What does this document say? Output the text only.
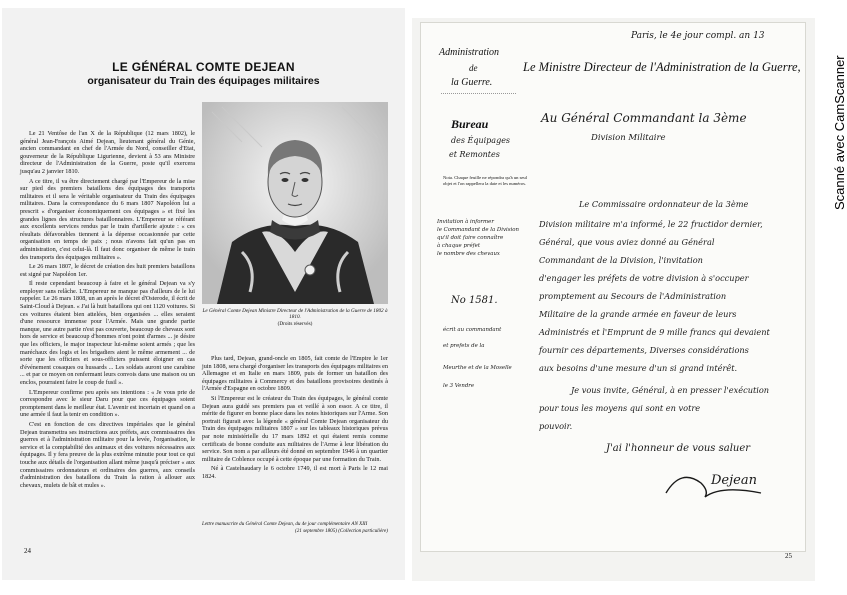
LE GÉNÉRAL COMTE DEJEAN
organisateur du Train des équipages militaires

Le 21 Ventôse de l'an X de la République (12 mars 1802), le général Jean-François Aimé Dejean, lieutenant général du Génie, ancien commandant en chef de l'Armée du Nord, conseiller d'Etat, gouverneur de la République Ligurienne, devient à 53 ans Ministre directeur de l'Administration de la Guerre, poste qu'il exercera jusqu'au 2 janvier 1810.

A ce titre, il va être directement chargé par l'Empereur de la mise sur pied des premiers bataillons des équipages des transports militaires et il sera le véritable organisateur du Train des équipages militaires. Dans la correspondance du 6 mars 1807 Napoléon lui a prescrit « d'organiser économiquement ces équipages » et fixé les grandes lignes des structures bataillonnaires. L'Empereur se référant aux excellents services rendus par le train d'artillerie ajoute : « ces résultats défavorables tiennent à la dépense occasionnée par cette organisation en temps de paix ; nous n'avons fait qu'un pas en administration, c'est celui-là. Il faut donc organiser de même le train des transports des équipages militaires ».

Le 26 mars 1807, le décret de création des huit premiers bataillons est signé par Napoléon 1er.

Il reste cependant beaucoup à faire et le général Dejean va s'y employer sans relâche. L'Empereur ne manque pas d'ailleurs de le lui rappeler. Le 26 mars 1808, un an après le décret d'Osterode, il écrit de Saint-Cloud à Dejean. « J'ai là huit bataillons qui ont 1120 voitures. Si ces voitures étaient bien attelées, bien organisées ... elles seraient d'une ressource immense pour l'Armée. Mais une grande partie manque, une autre partie n'est pas couverte, beaucoup de chevaux sont hors de service et beaucoup d'hommes n'ont point d'armes ... je désire que les officiers, le major inspecteur lui-même soient armés ; que les maréchaux des logis et les brigadiers aient le même armement ... de sorte que les officiers et sous-officiers puissent éloigner en cas d'événement cosaques ou hussards ... Les soldats auront une carabine ... et par ce moyen on renfermant leurs convois dans une maison ou un enclos, pourraient faire le coup de fusil ».

L'Empereur confirme peu après ses intentions : « Je vous prie de correspondre avec le sieur Daru pour que ces équipages soient promptement dans le meilleur état. L'avenir est incertain et quand on a une armée il faut la tenir en condition ».

C'est en fonction de ces directives impériales que le général Dejean transmettra ses instructions aux préfets, aux commissaires des guerres et à l'administration militaire pour la levée, l'organisation, le service et la comptabilité des animaux et des voitures nécessaires aux équipages. Il y fera preuve de la plus extrême minutie pour tout ce qui touche aux détails de l'organisation allant même jusqu'à préciser « aux commissaires ordonnateurs et ordinaires des guerres, aux conseils d'administration des bataillons du Train la ration à allouer aux chevaux, mulets de bât et mules ».

Le Général Comte Dejean Ministre Directeur de l'Administration de la Guerre de 1802 à 1810.
(Droits réservés)

Plus tard, Dejean, grand-oncle en 1805, fait comte de l'Empire le 1er juin 1808, sera chargé d'organiser les transports des équipages militaires en Allemagne et en Italie en mars 1809, puis de former un bataillon des équipages militaires à Commercy et des bataillons provisoires destinés à l'Armée d'Espagne en octobre 1809.

Si l'Empereur est le créateur du Train des équipages, le général comte Dejean aura guidé ses premiers pas et veillé à son essor. A ce titre, il mérite de figurer en bonne place dans les notes historiques sur l'Arme. Son portrait figurait avec la légende « général Comte Dejean organisateur du Train des équipages militaires 1807 » sur les tableaux historiques prévus par note ministérielle du 17 mars 1892 et qui étaient remis comme certificats de bonne conduite aux militaires de l'Arme à leur libération du service. Son nom a par ailleurs été donné en septembre 1946 à un quartier militaire de Coblence occupé à cette époque par une formation du Train.

Né à Castelnaudary le 6 octobre 1749, il est mort à Paris le 12 mai 1824.

Lettre manuscrite du Général Comte Dejean, du 4e jour complémentaire AN XIII
(21 septembre 1805) (Collection particulière)
24
Administration
de
la Guerre.
Paris, le 4e jour compl. an 13
Le Ministre Directeur de l'Administration de la Guerre,
Bureau
des Équipages
et Remontes
Au Général Commandant la 3ème
Division Militaire
Nota. Chaque feuille ne répondra qu'à un seul objet et l'on rappellera la date et les numéros.
Invitation à informer
le Commandant de la Division
qu'il doit faire connaître
à chaque préfet
le nombre des chevaux
No 1581.
écrit au commandant
et prefets de la
Meurthe et de la Moselle
le 3 Vendre
Le Commissaire ordonnateur de la 3ème
Division militaire m'a informé, le 22 fructidor dernier,
Général, que vous aviez donné au Général
Commandant de la Division, l'invitation
d'engager les préfets de votre division à s'occuper
promptement au Secours de l'Administration
Militaire de la grande armée en faveur de leurs
Administrés et l'Emprunt de 9 mille francs qui devaient
fournir ces départements, Diverses considérations
aux besoins d'une mesure d'un si grand intérêt.
Je vous invite, Général, à en presser l'exécution
pour tous les moyens qui sont en votre
pouvoir.
J'ai l'honneur de vous saluer
Dejean
25
Scanné avec CamScanner
